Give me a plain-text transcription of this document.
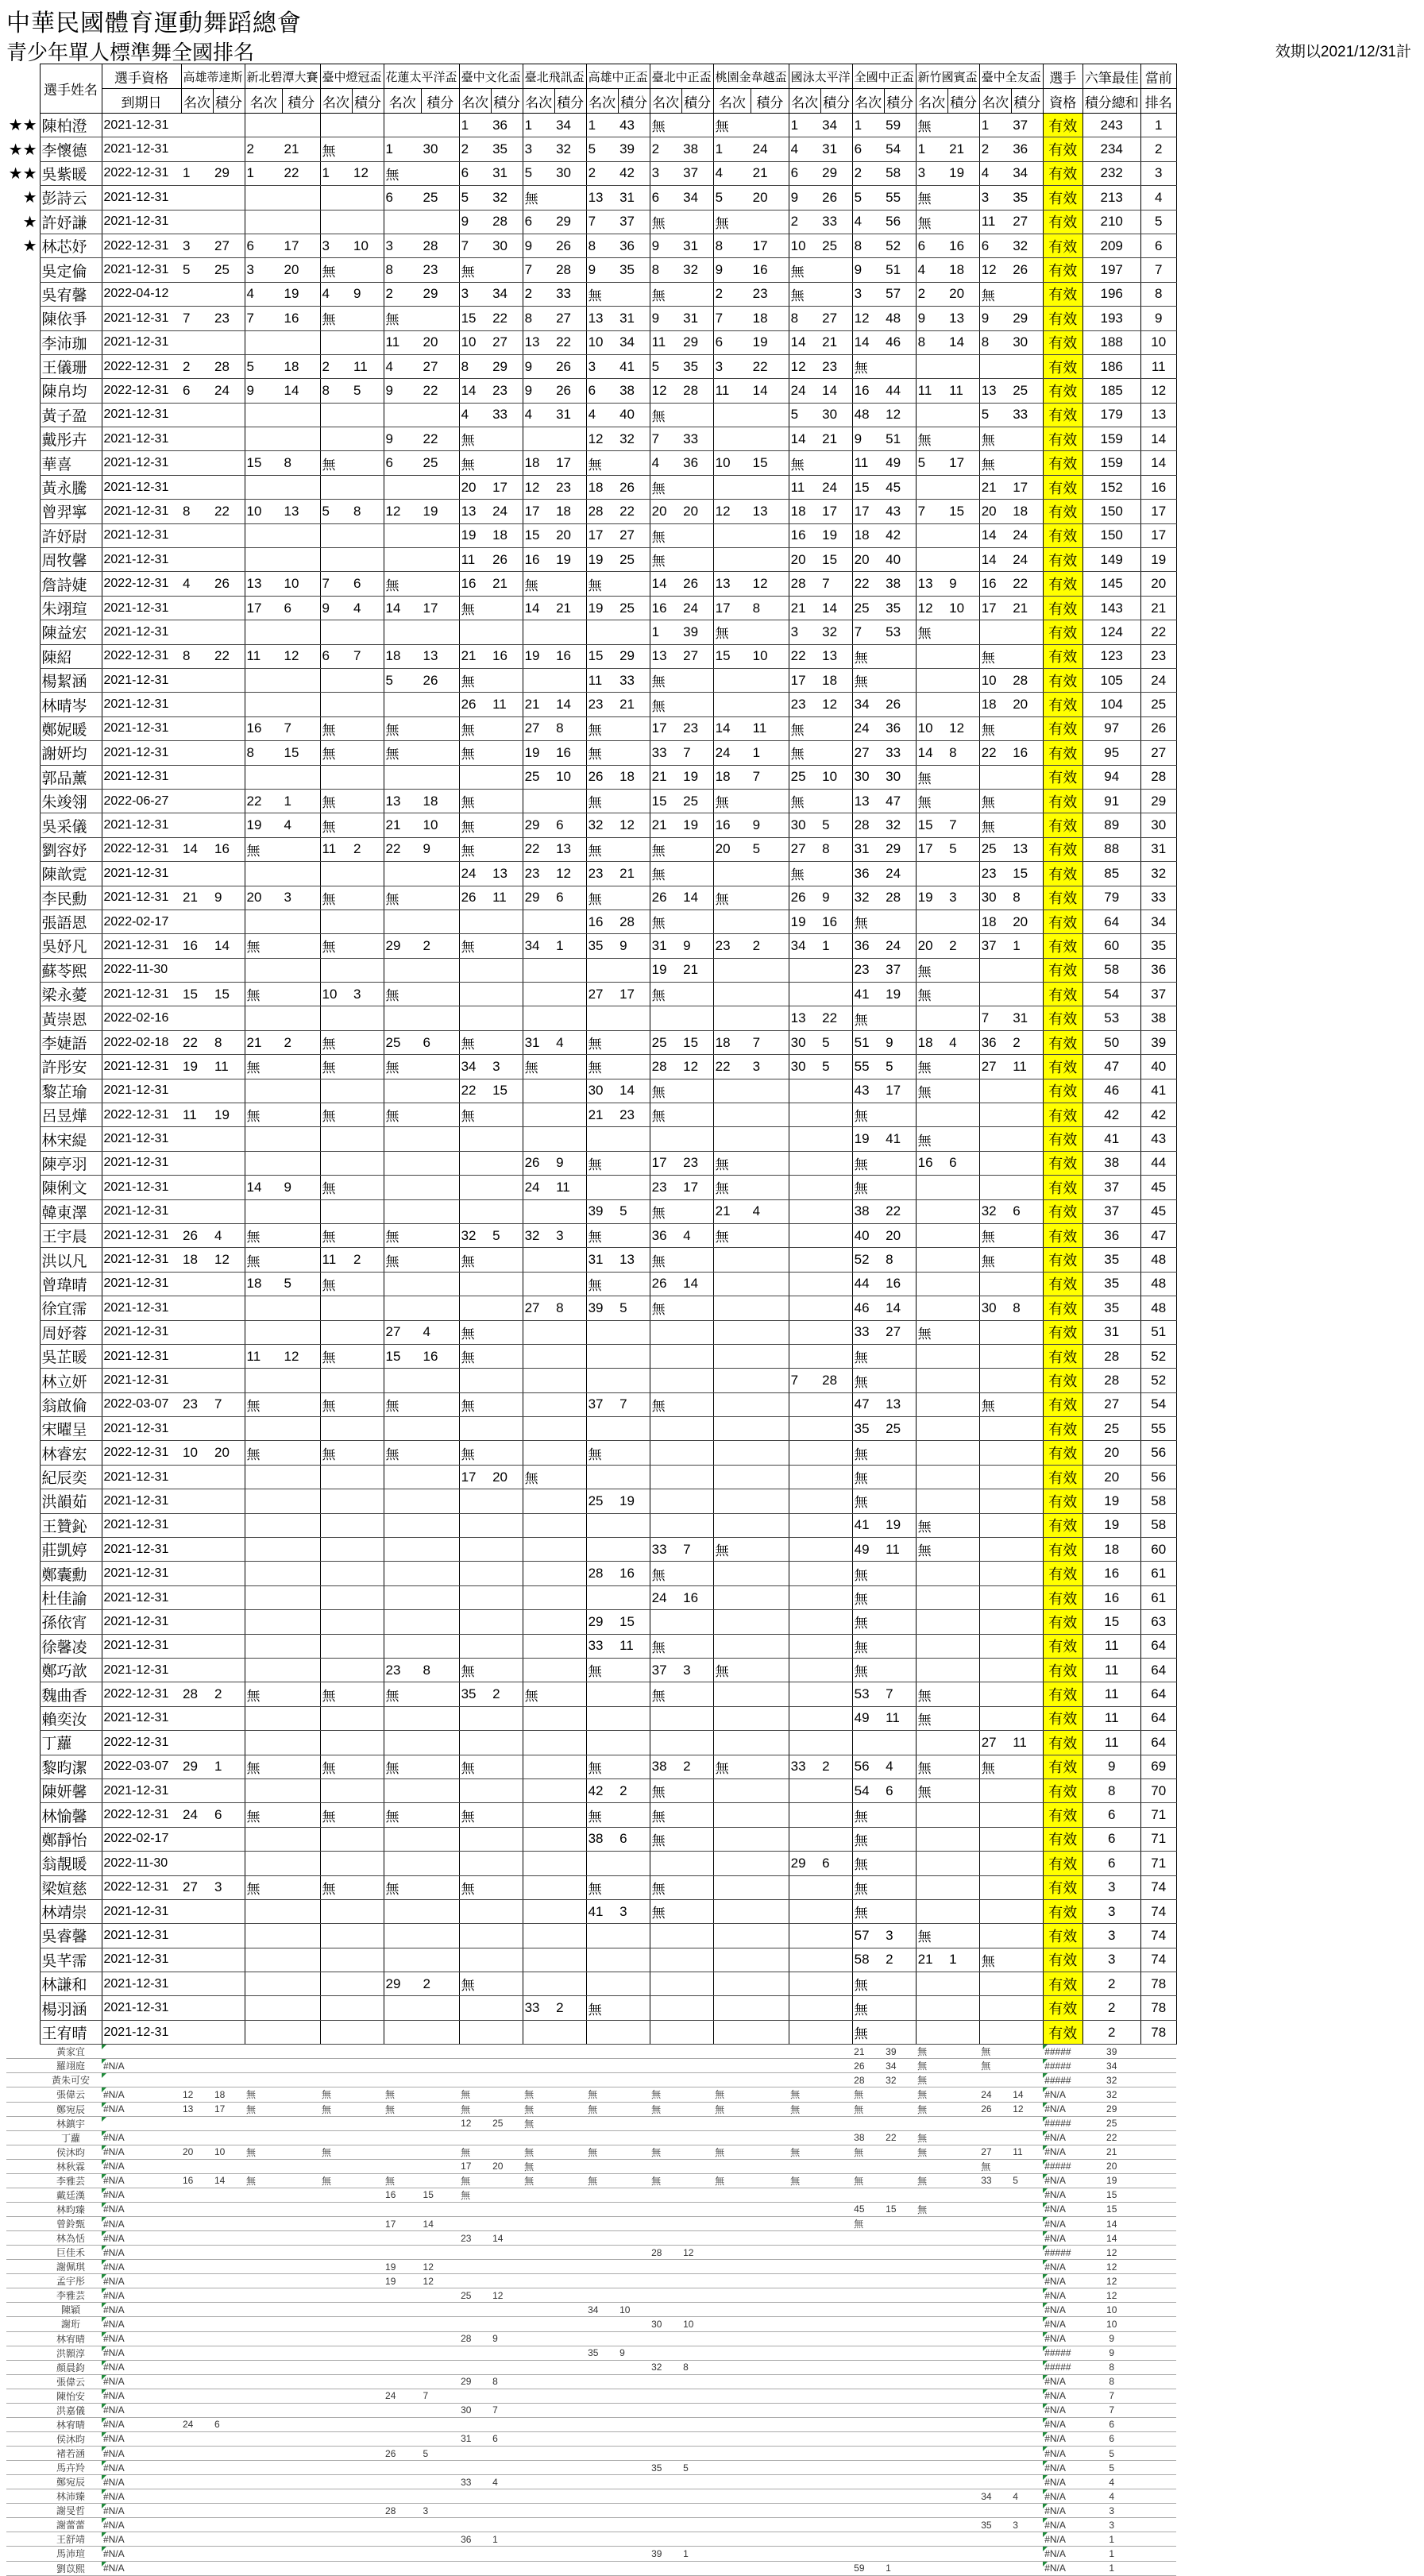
中華民國體育運動舞蹈總會
青少年單人標準舞全國排名	效期以2021/12/31計
	選手姓名	選手資格	高雄蒂達斯		新北碧潭大賽		臺中燈冠盃		花蓮太平洋盃		臺中文化盃		臺北飛訊盃		高雄中正盃		臺北中正盃		桃園金韋越盃		國泳太平洋		全國中正盃		新竹國賓盃		臺中全友盃		選手	六筆最佳	當前
		到期日	名次	積分	名次	積分	名次	積分	名次	積分	名次	積分	名次	積分	名次	積分	名次	積分	名次	積分	名次	積分	名次	積分	名次	積分	名次	積分	資格	積分總和	排名
★★	陳柏澄	2021-12-31									1	36	1	34	1	43	無		無		1	34	1	59	無		1	37	有效	243	1
★★	李懷德	2021-12-31			2	21	無		1	30	2	35	3	32	5	39	2	38	1	24	4	31	6	54	1	21	2	36	有效	234	2
★★	吳紫暖	2022-12-31	1	29	1	22	1	12	無		6	31	5	30	2	42	3	37	4	21	6	29	2	58	3	19	4	34	有效	232	3
★	彭詩云	2021-12-31							6	25	5	32	無		13	31	6	34	5	20	9	26	5	55	無		3	35	有效	213	4
★	許妤謙	2021-12-31									9	28	6	29	7	37	無		無		2	33	4	56	無		11	27	有效	210	5
★	林芯妤	2022-12-31	3	27	6	17	3	10	3	28	7	30	9	26	8	36	9	31	8	17	10	25	8	52	6	16	6	32	有效	209	6
	吳定倫	2021-12-31	5	25	3	20	無		8	23	無		7	28	9	35	8	32	9	16	無		9	51	4	18	12	26	有效	197	7
	吳宥馨	2022-04-12			4	19	4	9	2	29	3	34	2	33	無		無		2	23	無		3	57	2	20	無		有效	196	8
	陳依爭	2021-12-31	7	23	7	16	無		無		15	22	8	27	13	31	9	31	7	18	8	27	12	48	9	13	9	29	有效	193	9
	李沛珈	2021-12-31							11	20	10	27	13	22	10	34	11	29	6	19	14	21	14	46	8	14	8	30	有效	188	10
	王儀珊	2022-12-31	2	28	5	18	2	11	4	27	8	29	9	26	3	41	5	35	3	22	12	23	無						有效	186	11
	陳帛均	2022-12-31	6	24	9	14	8	5	9	22	14	23	9	26	6	38	12	28	11	14	24	14	16	44	11	11	13	25	有效	185	12
	黃子盈	2021-12-31									4	33	4	31	4	40	無				5	30	48	12			5	33	有效	179	13
	戴彤卉	2021-12-31							9	22	無				12	32	7	33			14	21	9	51	無		無		有效	159	14
	華喜	2021-12-31			15	8	無		6	25	無		18	17	無		4	36	10	15	無		11	49	5	17	無		有效	159	14
	黃永騰	2021-12-31									20	17	12	23	18	26	無				11	24	15	45			21	17	有效	152	16
	曾羿寧	2021-12-31	8	22	10	13	5	8	12	19	13	24	17	18	28	22	20	20	12	13	18	17	17	43	7	15	20	18	有效	150	17
	許妤尉	2021-12-31									19	18	15	20	17	27	無				16	19	18	42			14	24	有效	150	17
	周牧馨	2021-12-31									11	26	16	19	19	25	無				20	15	20	40			14	24	有效	149	19
	詹詩婕	2022-12-31	4	26	13	10	7	6	無		16	21	無		無		14	26	13	12	28	7	22	38	13	9	16	22	有效	145	20
	朱翊瑄	2021-12-31			17	6	9	4	14	17	無		14	21	19	25	16	24	17	8	21	14	25	35	12	10	17	21	有效	143	21
	陳益宏	2021-12-31															1	39	無		3	32	7	53	無				有效	124	22
	陳紹	2022-12-31	8	22	11	12	6	7	18	13	21	16	19	16	15	29	13	27	15	10	22	13	無				無		有效	123	23
	楊絜涵	2021-12-31							5	26	無				11	33	無				17	18	無				10	28	有效	105	24
	林晴岑	2021-12-31									26	11	21	14	23	21	無				23	12	34	26			18	20	有效	104	25
	鄭妮暖	2021-12-31			16	7	無		無		無		27	8	無		17	23	14	11	無		24	36	10	12	無		有效	97	26
	謝妍均	2021-12-31			8	15	無		無		無		19	16	無		33	7	24	1	無		27	33	14	8	22	16	有效	95	27
	郭品薰	2021-12-31											25	10	26	18	21	19	18	7	25	10	30	30	無				有效	94	28
	朱竣翎	2022-06-27			22	1	無		13	18	無				無		15	25	無		無		13	47	無		無		有效	91	29
	吳采儀	2021-12-31			19	4	無		21	10	無		29	6	32	12	21	19	16	9	30	5	28	32	15	7	無		有效	89	30
	劉容妤	2022-12-31	14	16	無		11	2	22	9	無		22	13	無		無		20	5	27	8	31	29	17	5	25	13	有效	88	31
	陳歆霓	2021-12-31									24	13	23	12	23	21	無				無		36	24			23	15	有效	85	32
	李民勳	2021-12-31	21	9	20	3	無		無		26	11	29	6	無		26	14	無		26	9	32	28	19	3	30	8	有效	79	33
	張語恩	2022-02-17													16	28	無				19	16	無				18	20	有效	64	34
	吳妤凡	2021-12-31	16	14	無		無		29	2	無		34	1	35	9	31	9	23	2	34	1	36	24	20	2	37	1	有效	60	35
	蘇苓熙	2022-11-30															19	21					23	37	無				有效	58	36
	梁永薆	2021-12-31	15	15	無		10	3	無						27	17	無						41	19	無				有效	54	37
	黃崇恩	2022-02-16																			13	22	無				7	31	有效	53	38
	李婕語	2022-02-18	22	8	21	2	無		25	6	無		31	4	無		25	15	18	7	30	5	51	9	18	4	36	2	有效	50	39
	許彤安	2021-12-31	19	11	無		無		無		34	3	無		無		28	12	22	3	30	5	55	5	無		27	11	有效	47	40
	黎芷瑜	2021-12-31									22	15			30	14	無						43	17	無				有效	46	41
	呂昱燁	2022-12-31	11	19	無		無		無		無				21	23	無						無						有效	42	42
	林宋緹	2021-12-31																					19	41	無				有效	41	43
	陳亭羽	2021-12-31											26	9	無		17	23	無				無		16	6			有效	38	44
	陳俐文	2021-12-31			14	9	無						24	11			23	17	無				無						有效	37	45
	韓東澤	2021-12-31													39	5	無		21	4			38	22			32	6	有效	37	45
	王宇晨	2021-12-31	26	4	無		無		無		32	5	32	3	無		36	4	無				40	20			無		有效	36	47
	洪以凡	2021-12-31	18	12	無		11	2	無		無				31	13	無						52	8			無		有效	35	48
	曾瑋晴	2021-12-31			18	5	無								無		26	14					44	16					有效	35	48
	徐宜霈	2021-12-31											27	8	39	5	無						46	14			30	8	有效	35	48
	周妤蓉	2021-12-31							27	4	無												33	27	無				有效	31	51
	吳芷暖	2021-12-31			11	12	無		15	16	無												無						有效	28	52
	林立妍	2021-12-31																			7	28	無						有效	28	52
	翁啟倫	2022-03-07	23	7	無		無		無		無				37	7	無						47	13			無		有效	27	54
	宋曜呈	2021-12-31																					35	25					有效	25	55
	林睿宏	2022-12-31	10	20	無		無		無		無				無								無						有效	20	56
	紀辰奕	2021-12-31									17	20	無										無						有效	20	56
	洪韻茹	2021-12-31													25	19							無						有效	19	58
	王贊鈊	2021-12-31																					41	19	無				有效	19	58
	莊凱婷	2021-12-31															33	7	無				49	11	無				有效	18	60
	鄭囊勳	2021-12-31													28	16	無						無						有效	16	61
	杜佳諭	2021-12-31															24	16					無						有效	16	61
	孫依宵	2021-12-31													29	15							無						有效	15	63
	徐馨凌	2021-12-31													33	11	無						無						有效	11	64
	鄭巧歆	2021-12-31							23	8	無				無		37	3	無				無						有效	11	64
	魏曲香	2022-12-31	28	2	無		無		無		35	2	無				無						53	7	無				有效	11	64
	賴奕汝	2021-12-31																					49	11	無				有效	11	64
	丁蘿	2022-12-31																									27	11	有效	11	64
	黎昀潔	2022-03-07	29	1	無		無		無		無				無		38	2	無		33	2	56	4	無		無		有效	9	69
	陳妍馨	2021-12-31													42	2	無						54	6	無				有效	8	70
	林愉馨	2022-12-31	24	6	無		無		無		無				無		無						無						有效	6	71
	鄭靜怡	2022-02-17													38	6	無						無						有效	6	71
	翁靚暖	2022-11-30																			29	6	無						有效	6	71
	梁媗慈	2022-12-31	27	3	無		無		無		無				無		無						無						有效	3	74
	林靖崇	2021-12-31													41	3	無						無						有效	3	74
	吳睿馨	2021-12-31																					57	3	無				有效	3	74
	吳芊霈	2021-12-31																					58	2	21	1	無		有效	3	74
	林謙和	2021-12-31							29	2	無												無						有效	2	78
	楊羽涵	2021-12-31											33	2	無								無						有效	2	78
	王宥晴	2021-12-31																					無						有效	2	78
	黃家宜																						21	39	無		無		#####	39	
	羅翊庭	#N/A																					26	34	無		無		#####	34	
	黃朱可安																						28	32	無				#####	32	
	張偉云	#N/A	12	18	無		無		無		無		無		無		無		無		無		無		無		24	14	#N/A	32	
	鄭宛辰	#N/A	13	17	無		無		無		無		無		無		無		無		無		無		無		26	12	#N/A	29	
	林鎮宇										12	25	無																#####	25	
	丁蘿	#N/A																					38	22	無				#N/A	22	
	侯沐昀	#N/A	20	10	無		無				無		無		無		無		無		無		無		無		27	11	#N/A	21	
	林秋霖	#N/A									17	20	無														無		#####	20	
	李雅芸	#N/A	16	14	無		無		無		無		無		無		無		無		無		無		無		33	5	#N/A	19	
	戴廷漢	#N/A							16	15	無																		#N/A	15	
	林昀臻	#N/A																					45	15	無				#N/A	15	
	曾鈴甄	#N/A							17	14													無						#N/A	14	
	林為恬	#N/A									23	14																	#N/A	14	
	巨佳禾	#N/A															28	12											#####	12	
	謝佩琪	#N/A							19	12																			#N/A	12	
	孟宇彤	#N/A							19	12																			#N/A	12	
	李雅芸	#N/A									25	12																	#N/A	12	
	陳穎	#N/A													34	10													#N/A	10	
	謝珩	#N/A															30	10											#N/A	10	
	林宥晴	#N/A									28	9																	#N/A	9	
	洪顥淳	#N/A													35	9													#####	9	
	顏晨鈞	#N/A															32	8											#####	8	
	張偉云	#N/A									29	8																	#N/A	8	
	陳怡安	#N/A							24	7																			#N/A	7	
	洪嘉儀	#N/A									30	7																	#N/A	7	
	林宥晴	#N/A	24	6																									#N/A	6	
	侯沐昀	#N/A									31	6																	#N/A	6	
	褚若涵	#N/A							26	5																			#N/A	5	
	馬卉羚	#N/A															35	5											#N/A	5	
	鄭宛辰	#N/A									33	4																	#N/A	4	
	林沛臻	#N/A																									34	4	#N/A	4	
	謝旻哲	#N/A							28	3																			#N/A	3	
	謝蕾蕾	#N/A																									35	3	#N/A	3	
	王舒靖	#N/A									36	1																	#N/A	1	
	馬沛瑄	#N/A															39	1											#N/A	1	
	劉苡熙	#N/A																					59	1					#N/A	1	
